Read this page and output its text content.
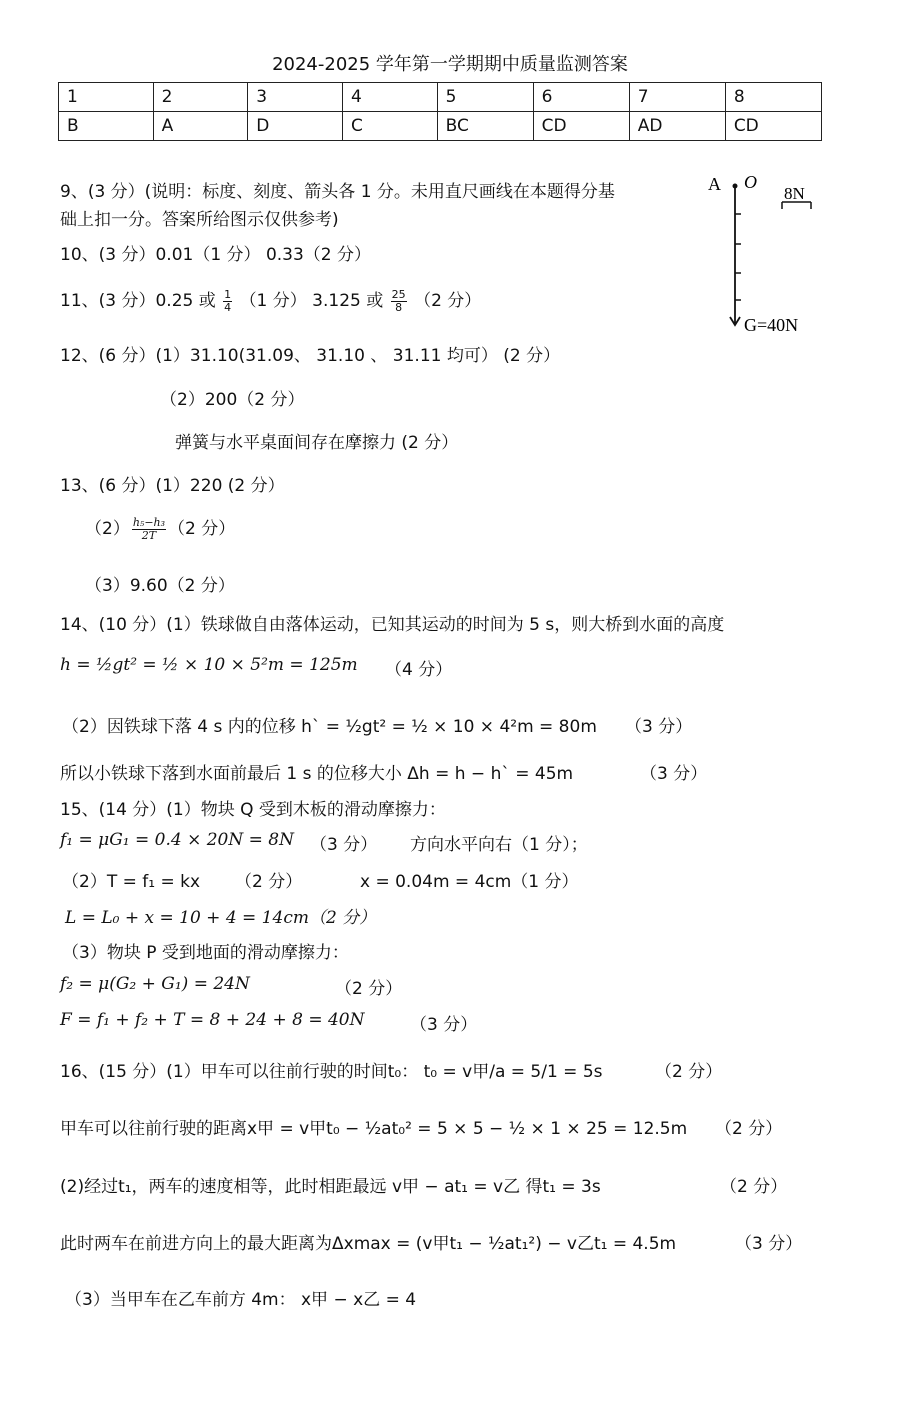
2024-2025 学年第一学期期中质量监测答案
1	2	3	4	5	6	7	8
B	A	D	C	BC	CD	AD	CD
9、(3 分）(说明：标度、刻度、箭头各 1 分。未用直尺画线在本题得分基
础上扣一分。答案所给图示仅供参考)
A O
G=40N
8N
10、(3 分）0.01（1 分） 0.33（2 分）
11、(3 分）0.25 或 $\frac{1}{4} (1$ 分） 3.125 或 $\frac{25}{8} (2$ 分）
12、(6 分）(1）31.10(31.09、 31.10 、 31.11 均可） (2 分）
（2）200（2 分）
弹簧与水平桌面间存在摩擦力 (2 分）
13、(6 分）(1）220 (2 分）
$(2) \frac{\text{h₅−h₃}}{2T} (2$ 分）
（3）9.60（2 分）
14、(10 分）(1）铁球做自由落体运动，已知其运动的时间为 5 s，则大桥到水面的高度
h = ½gt² = ½ × 10 × 5²m = 125m （4 分）
（2）因铁球下落 4 s 内的位移 h` = ½gt² = ½ × 10 × 4²m = 80m （3 分）
所以小铁球下落到水面前最后 1 s 的位移大小 Δh = h − h` = 45m	（3 分）
15、(14 分）(1）物块 Q 受到木板的滑动摩擦力：
f₁ = μG₁ = 0.4 × 20N = 8N （3 分） 方向水平向右（1 分）；
（2）T = f₁ = kx （2 分）	x = 0.04m = 4cm（1 分）
L = L₀ + x = 10 + 4 = 14cm（2 分）
（3）物块 P 受到地面的滑动摩擦力：
f₂ = μ(G₂ + G₁) = 24N	（2 分）
F = f₁ + f₂ + T = 8 + 24 + 8 = 40N	（3 分）
16、(15 分）(1）甲车可以往前行驶的时间t₀： t₀ = v甲/a = 5/1 = 5s	（2 分）
甲车可以往前行驶的距离x甲 = v甲t₀ − ½at₀² = 5 × 5 − ½ × 1 × 25 = 12.5m （2 分）
(2)经过t₁，两车的速度相等，此时相距最远 v甲 − at₁ = v乙 得t₁ = 3s	（2 分）
此时两车在前进方向上的最大距离为Δxmax = (v甲t₁ − ½at₁²) − v乙t₁ = 4.5m	（3 分）
（3）当甲车在乙车前方 4m： x甲 − x乙 = 4
